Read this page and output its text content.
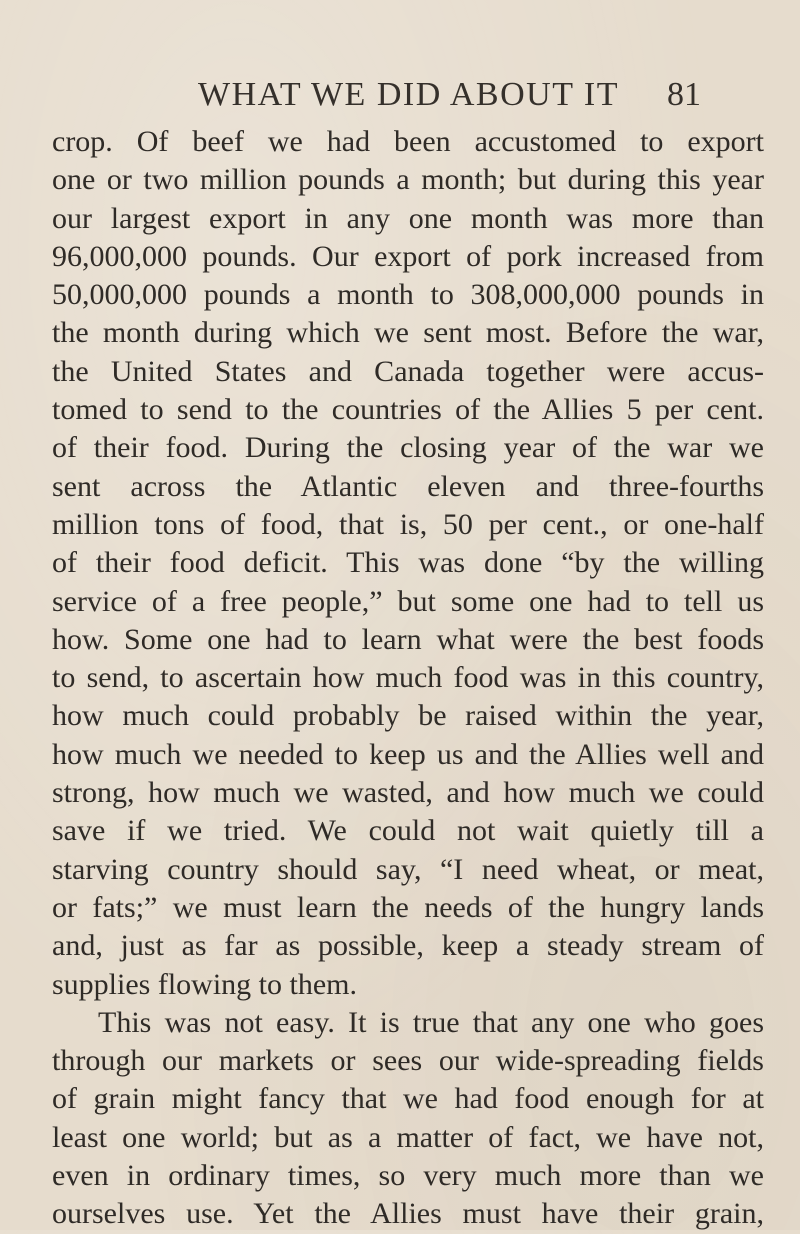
WHAT WE DID ABOUT IT 81
crop. Of beef we had been accustomed to export
one or two million pounds a month; but during this year
our largest export in any one month was more than
96,000,000 pounds. Our export of pork increased from
50,000,000 pounds a month to 308,000,000 pounds in
the month during which we sent most. Before the war,
the United States and Canada together were accus-
tomed to send to the countries of the Allies 5 per cent.
of their food. During the closing year of the war we
sent across the Atlantic eleven and three-fourths
million tons of food, that is, 50 per cent., or one-half
of their food deficit. This was done “by the willing
service of a free people,” but some one had to tell us
how. Some one had to learn what were the best foods
to send, to ascertain how much food was in this country,
how much could probably be raised within the year,
how much we needed to keep us and the Allies well and
strong, how much we wasted, and how much we could
save if we tried. We could not wait quietly till a
starving country should say, “I need wheat, or meat,
or fats;” we must learn the needs of the hungry lands
and, just as far as possible, keep a steady stream of
supplies flowing to them.
This was not easy. It is true that any one who goes
through our markets or sees our wide-spreading fields
of grain might fancy that we had food enough for at
least one world; but as a matter of fact, we have not,
even in ordinary times, so very much more than we
ourselves use. Yet the Allies must have their grain,
